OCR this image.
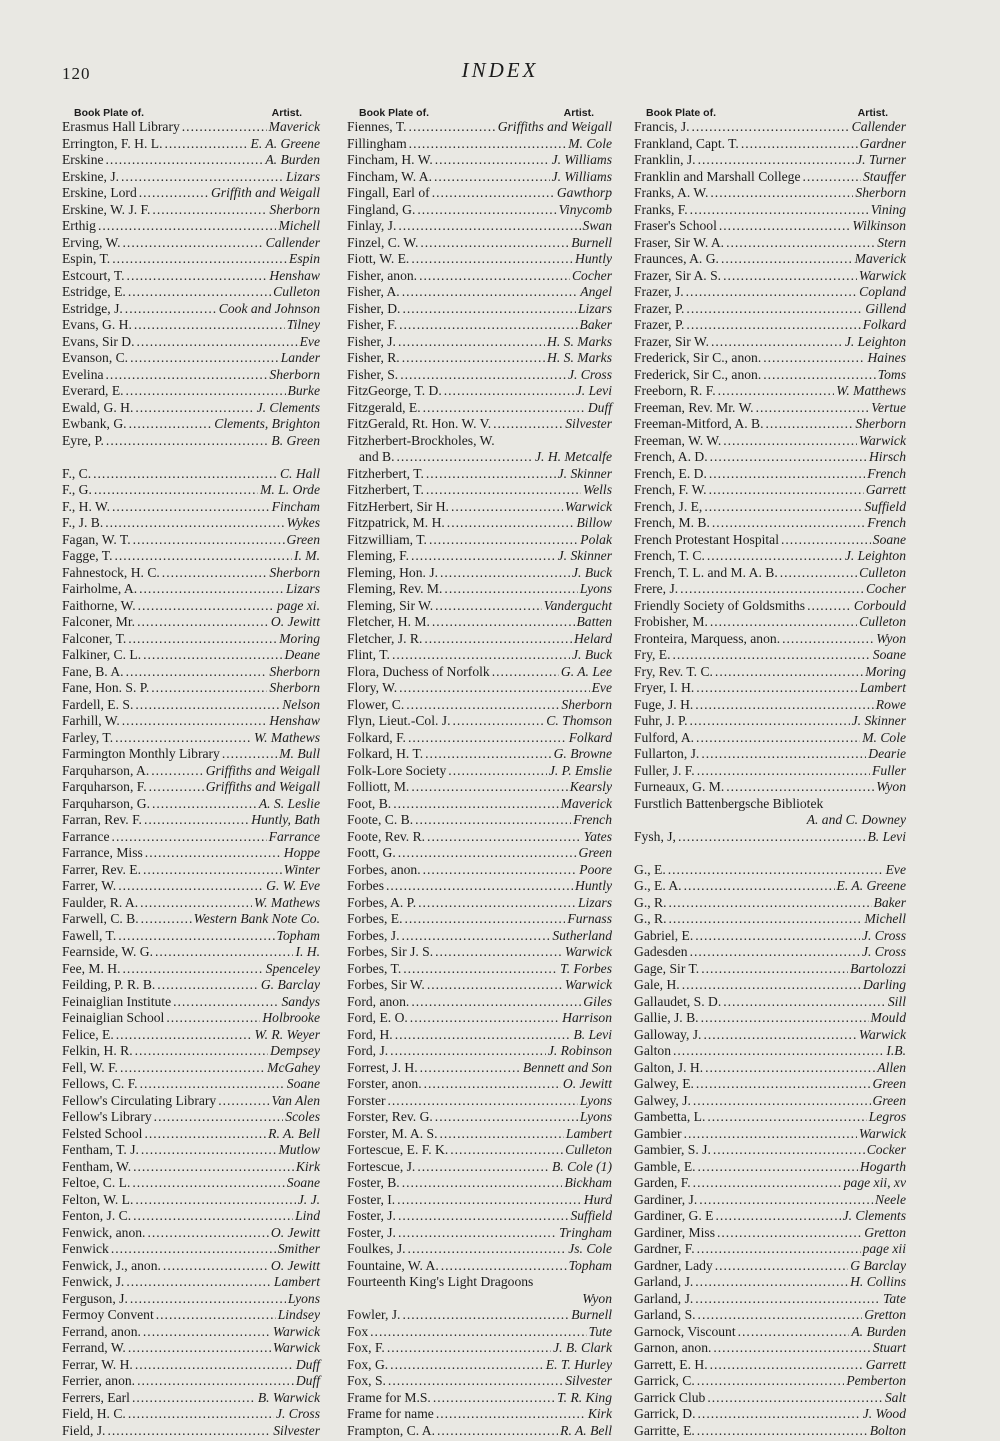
120	INDEX
Book Plate of.	Artist.
Erasmus Hall Library . . .	Maverick
Errington, F. H. L. . . .	E. A. Greene
Erskine . . .	A. Burden
Erskine, J. . . .	Lizars
Erskine, Lord . . .	Griffith and Weigall
Erskine, W. J. F. . . .	Sherborn
Erthig . . .	Michell
Erving, W. . . .	Callender
Espin, T. . . .	Espin
Estcourt, T. . . .	Henshaw
Estridge, E. . . .	Culleton
Estridge, J. . . .	Cook and Johnson
Evans, G. H. . . .	Tilney
Evans, Sir D. . . .	Eve
Evanson, C. . . .	Lander
Evelina . . .	Sherborn
Everard, E. . . .	Burke
Ewald, G. H. . . .	J. Clements
Ewbank, G. . . .	Clements, Brighton
Eyre, P. . . .	B. Green
F., C. . . .	C. Hall
F., G. . . .	M. L. Orde
F., H. W. . . .	Fincham
F., J. B. . . .	Wykes
Fagan, W. T. . . .	Green
Fagge, T. . . .	I. M.
Fahnestock, H. C. . . .	Sherborn
Fairholme, A. . . .	Lizars
Faithorne, W. . . .	page xi.
Falconer, Mr. . . .	O. Jewitt
Falconer, T. . . .	Moring
Falkiner, C. L. . . .	Deane
Fane, B. A. . . .	Sherborn
Fane, Hon. S. P. . . .	Sherborn
Fardell, E. S. . . .	Nelson
Farhill, W. . . .	Henshaw
Farley, T. . . .	W. Mathews
Farmington Monthly Library . . .	M. Bull
Farquharson, A. . . .	Griffiths and Weigall
Farquharson, F. . . .	Griffiths and Weigall
Farquharson, G. . . .	A. S. Leslie
Farran, Rev. F. . . .	Huntly, Bath
Farrance . . .	Farrance
Farrance, Miss . . .	Hoppe
Farrer, Rev. E. . . .	Winter
Farrer, W. . . .	G. W. Eve
Faulder, R. A. . . .	W. Mathews
Farwell, C. B. . . .	Western Bank Note Co.
Fawell, T. . . .	Topham
Fearnside, W. G. . . .	I. H.
Fee, M. H. . . .	Spenceley
Feilding, P. R. B. . . .	G. Barclay
Feinaiglian Institute . . .	Sandys
Feinaiglian School . . .	Holbrooke
Felice, E. . . .	W. R. Weyer
Felkin, H. R. . . .	Dempsey
Fell, W. F. . . .	McGahey
Fellows, C. F. . . .	Soane
Fellow's Circulating Library . . .	Van Alen
Fellow's Library . . .	Scoles
Felsted School . . .	R. A. Bell
Fentham, T. J. . . .	Mutlow
Fentham, W. . . .	Kirk
Feltoe, C. L. . . .	Soane
Felton, W. L. . . .	J. J.
Fenton, J. C. . . .	Lind
Fenwick, anon. . . .	O. Jewitt
Fenwick . . .	Smither
Fenwick, J., anon. . . .	O. Jewitt
Fenwick, J. . . .	Lambert
Ferguson, J. . . .	Lyons
Fermoy Convent . . .	Lindsey
Ferrand, anon. . . .	Warwick
Ferrand, W. . . .	Warwick
Ferrar, W. H. . . .	Duff
Ferrier, anon. . . .	Duff
Ferrers, Earl . . .	B. Warwick
Field, H. C. . . .	J. Cross
Field, J. . . .	Silvester
Book Plate of.	Artist.
Fiennes, T. . . .	Griffiths and Weigall
Fillingham . . .	M. Cole
Fincham, H. W. . . .	J. Williams
Fincham, W. A. . . .	J. Williams
Fingall, Earl of . . .	Gawthorp
Fingland, G. . . .	Vinycomb
Finlay, J. . . .	Swan
Finzel, C. W. . . .	Burnell
Fiott, W. E. . . .	Huntly
Fisher, anon. . . .	Cocher
Fisher, A. . . .	Angel
Fisher, D. . . .	Lizars
Fisher, F. . . .	Baker
Fisher, J. . . .	H. S. Marks
Fisher, R. . . .	H. S. Marks
Fisher, S. . . .	J. Cross
FitzGeorge, T. D. . . .	J. Levi
Fitzgerald, E. . . .	Duff
FitzGerald, Rt. Hon. W. V. . . .	Silvester
Fitzherbert-Brockholes, W.
and B. . . .	J. H. Metcalfe
Fitzherbert, T. . . .	J. Skinner
Fitzherbert, T. . . .	Wells
FitzHerbert, Sir H. . . .	Warwick
Fitzpatrick, M. H. . . .	Billow
Fitzwilliam, T. . . .	Polak
Fleming, F. . . .	J. Skinner
Fleming, Hon. J. . . .	J. Buck
Fleming, Rev. M. . . .	Lyons
Fleming, Sir W. . . .	Vandergucht
Fletcher, H. M. . . .	Batten
Fletcher, J. R. . . .	Helard
Flint, T. . . .	J. Buck
Flora, Duchess of Norfolk . . .	G. A. Lee
Flory, W. . . .	Eve
Flower, C. . . .	Sherborn
Flyn, Lieut.-Col. J. . . .	C. Thomson
Folkard, F. . . .	Folkard
Folkard, H. T. . . .	G. Browne
Folk-Lore Society . . .	J. P. Emslie
Folliott, M. . . .	Kearsly
Foot, B. . . .	Maverick
Foote, C. B. . . .	French
Foote, Rev. R. . . .	Yates
Foott, G. . . .	Green
Forbes, anon. . . .	Poore
Forbes . . .	Huntly
Forbes, A. P. . . .	Lizars
Forbes, E. . . .	Furnass
Forbes, J. . . .	Sutherland
Forbes, Sir J. S. . . .	Warwick
Forbes, T. . . .	T. Forbes
Forbes, Sir W. . . .	Warwick
Ford, anon. . . .	Giles
Ford, E. O. . . .	Harrison
Ford, H. . . .	B. Levi
Ford, J. . . .	J. Robinson
Forrest, J. H. . . .	Bennett and Son
Forster, anon. . . .	O. Jewitt
Forster . . .	Lyons
Forster, Rev. G. . . .	Lyons
Forster, M. A. S. . . .	Lambert
Fortescue, E. F. K. . . .	Culleton
Fortescue, J. . . .	B. Cole (1)
Foster, B. . . .	Bickham
Foster, I. . . .	Hurd
Foster, J. . . .	Suffield
Foster, J. . . .	Tringham
Foulkes, J. . . .	Js. Cole
Fountaine, W. A. . . .	Topham
Fourteenth King's Light Dragoons
Wyon
Fowler, J. . . .	Burnell
Fox . . .	Tute
Fox, F. . . .	J. B. Clark
Fox, G. . . .	E. T. Hurley
Fox, S. . . .	Silvester
Frame for M.S. . . .	T. R. King
Frame for name . . .	Kirk
Frampton, C. A. . . .	R. A. Bell
Book Plate of.	Artist.
Francis, J. . . .	Callender
Frankland, Capt. T. . . .	Gardner
Franklin, J. . . .	J. Turner
Franklin and Marshall College . . .	Stauffer
Franks, A. W. . . .	Sherborn
Franks, F. . . .	Vining
Fraser's School . . .	Wilkinson
Fraser, Sir W. A. . . .	Stern
Fraunces, A. G. . . .	Maverick
Frazer, Sir A. S. . . .	Warwick
Frazer, J. . . .	Copland
Frazer, P. . . .	Gillend
Frazer, P. . . .	Folkard
Frazer, Sir W. . . .	J. Leighton
Frederick, Sir C., anon. . . .	Haines
Frederick, Sir C., anon. . . .	Toms
Freeborn, R. F. . . .	W. Matthews
Freeman, Rev. Mr. W. . . .	Vertue
Freeman-Mitford, A. B. . . .	Sherborn
Freeman, W. W. . . .	Warwick
French, A. D. . . .	Hirsch
French, E. D. . . .	French
French, F. W. . . .	Garrett
French, J. E, . . .	Suffield
French, M. B. . . .	French
French Protestant Hospital . . .	Soane
French, T. C. . . .	J. Leighton
French, T. L. and M. A. B. . . .	Culleton
Frere, J. . . .	Cocher
Friendly Society of Goldsmiths . . .	Corbould
Frobisher, M. . . .	Culleton
Fronteira, Marquess, anon. . . .	Wyon
Fry, E. . . .	Soane
Fry, Rev. T. C. . . .	Moring
Fryer, I. H. . . .	Lambert
Fuge, J. H. . . .	Rowe
Fuhr, J. P. . . .	J. Skinner
Fulford, A. . . .	M. Cole
Fullarton, J. . . .	Dearie
Fuller, J. F. . . .	Fuller
Furneaux, G. M. . . .	Wyon
Furstlich Battenbergsche Bibliotek
A. and C. Downey
Fysh, J, . . .	B. Levi
G., E. . . .	Eve
G., E. A. . . .	E. A. Greene
G., R. . . .	Baker
G., R. . . .	Michell
Gabriel, E. . . .	J. Cross
Gadesden . . .	J. Cross
Gage, Sir T. . . .	Bartolozzi
Gale, H. . . .	Darling
Gallaudet, S. D. . . .	Sill
Gallie, J. B. . . .	Mould
Galloway, J. . . .	Warwick
Galton . . .	I.B.
Galton, J. H. . . .	Allen
Galwey, E. . . .	Green
Galwey, J. . . .	Green
Gambetta, L. . . .	Legros
Gambier . . .	Warwick
Gambier, S. J. . . .	Cocker
Gamble, E. . . .	Hogarth
Garden, F. . . .	page xii, xv
Gardiner, J. . . .	Neele
Gardiner, G. E . . .	J. Clements
Gardiner, Miss . . .	Gretton
Gardner, F. . . .	page xii
Gardner, Lady . . .	G Barclay
Garland, J. . . .	H. Collins
Garland, J. . . .	Tate
Garland, S. . . .	Gretton
Garnock, Viscount . . .	A. Burden
Garnon, anon. . . .	Stuart
Garrett, E. H. . . .	Garrett
Garrick, C. . . .	Pemberton
Garrick Club . . .	Salt
Garrick, D. . . .	J. Wood
Garritte, E. . . .	Bolton
